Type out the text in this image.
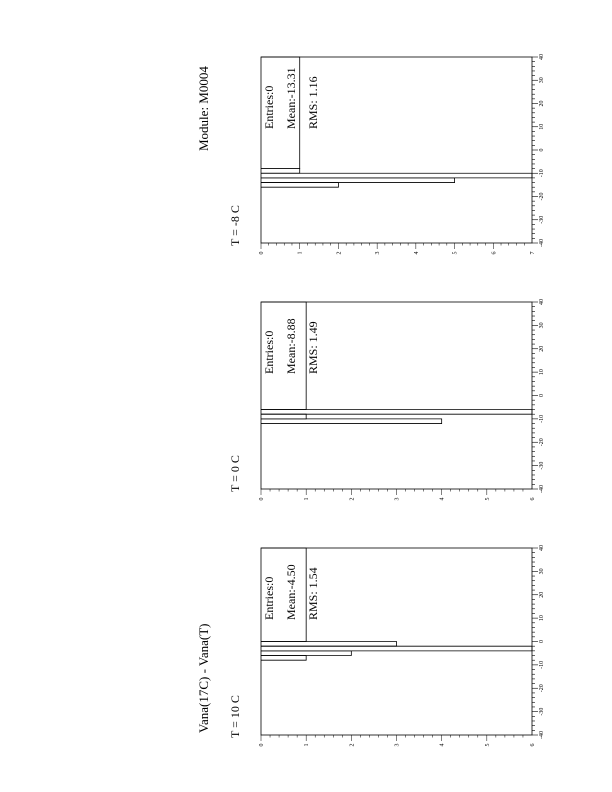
-40
-30
-20
-10
0
10
20
30
40
0	1	2	3	4	5	6
T = 10 C
Entries:0 Mean:-4.50 RMS: 1.54
-40
-30
-20
-10
0
10
20
30
40
0	1	2	3	4	5	6
T = 0 C
Entries:0 Mean:-8.88 RMS: 1.49
-40
-30
-20
-10
0
10
20
30
40
0	1	2	3	4	5	6	7
T = -8 C
Entries:0 Mean:-13.31 RMS: 1.16
Vana(17C) - Vana(T)
Module: M0004
